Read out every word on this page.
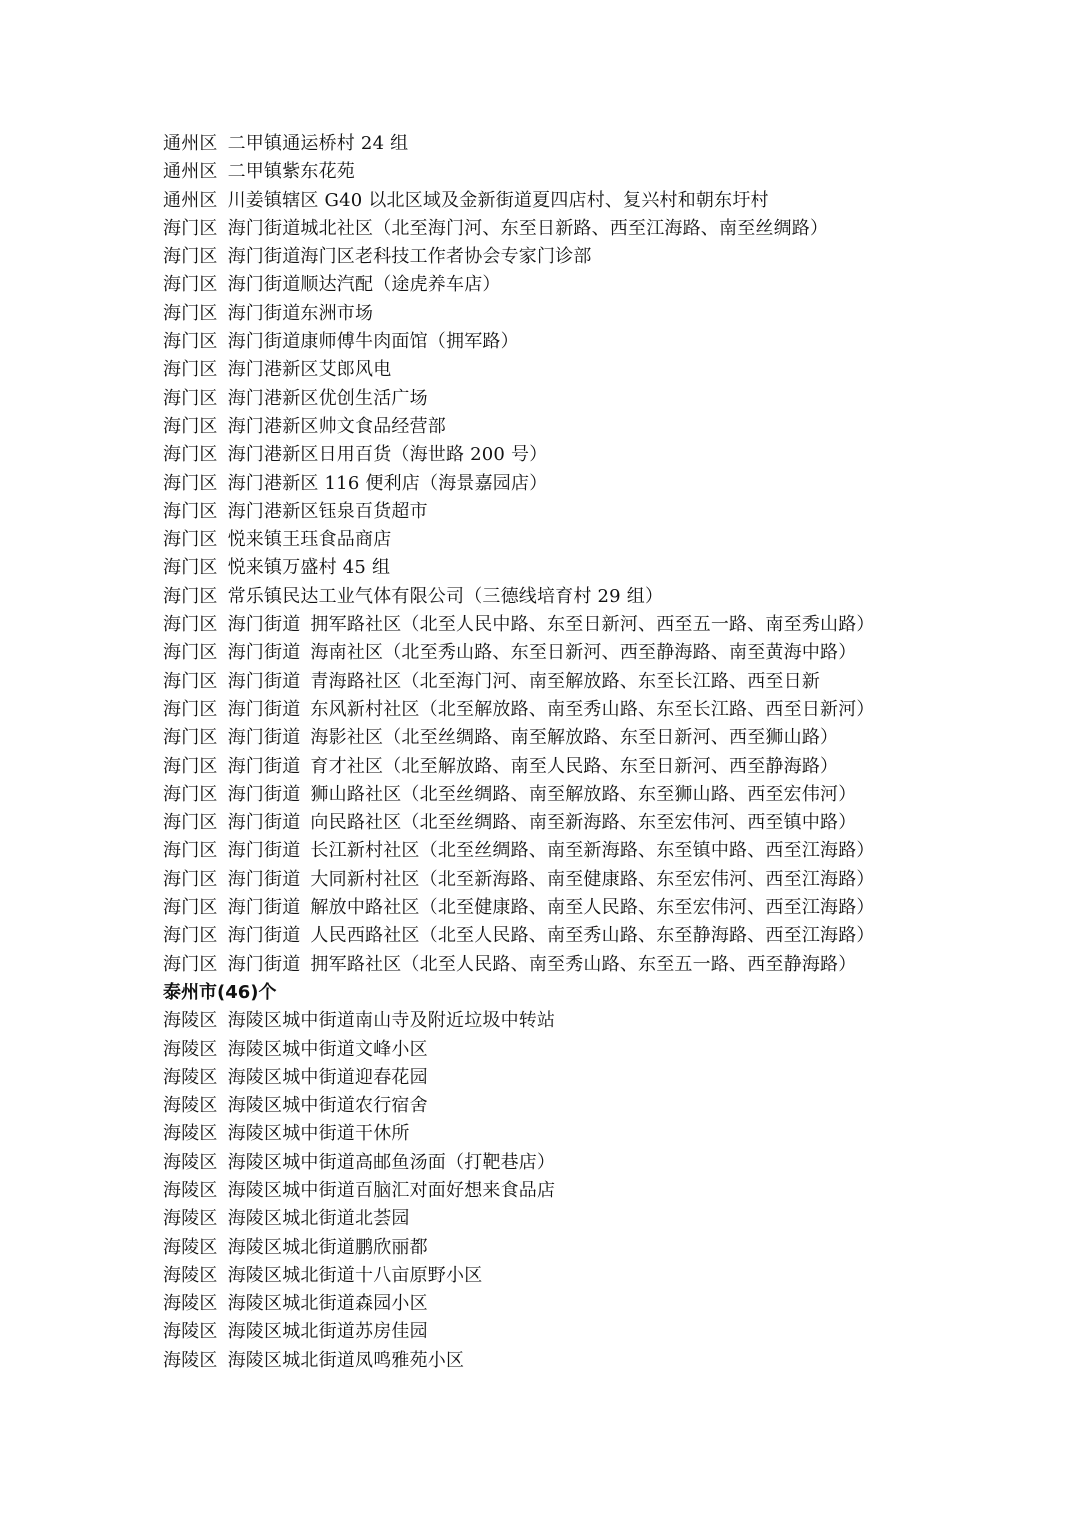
通州区 二甲镇通运桥村 24 组
通州区 二甲镇紫东花苑
通州区 川姜镇辖区 G40 以北区域及金新街道夏四店村、复兴村和朝东圩村
海门区 海门街道城北社区（北至海门河、东至日新路、西至江海路、南至丝绸路）
海门区 海门街道海门区老科技工作者协会专家门诊部
海门区 海门街道顺达汽配（途虎养车店）
海门区 海门街道东洲市场
海门区 海门街道康师傅牛肉面馆（拥军路）
海门区 海门港新区艾郎风电
海门区 海门港新区优创生活广场
海门区 海门港新区帅文食品经营部
海门区 海门港新区日用百货（海世路 200 号）
海门区 海门港新区 116 便利店（海景嘉园店）
海门区 海门港新区钰泉百货超市
海门区 悦来镇王珏食品商店
海门区 悦来镇万盛村 45 组
海门区 常乐镇民达工业气体有限公司（三德线培育村 29 组）
海门区 海门街道 拥军路社区（北至人民中路、东至日新河、西至五一路、南至秀山路）
海门区 海门街道 海南社区（北至秀山路、东至日新河、西至静海路、南至黄海中路）
海门区 海门街道 青海路社区（北至海门河、南至解放路、东至长江路、西至日新
海门区 海门街道 东风新村社区（北至解放路、南至秀山路、东至长江路、西至日新河）
海门区 海门街道 海影社区（北至丝绸路、南至解放路、东至日新河、西至狮山路）
海门区 海门街道 育才社区（北至解放路、南至人民路、东至日新河、西至静海路）
海门区 海门街道 狮山路社区（北至丝绸路、南至解放路、东至狮山路、西至宏伟河）
海门区 海门街道 向民路社区（北至丝绸路、南至新海路、东至宏伟河、西至镇中路）
海门区 海门街道 长江新村社区（北至丝绸路、南至新海路、东至镇中路、西至江海路）
海门区 海门街道 大同新村社区（北至新海路、南至健康路、东至宏伟河、西至江海路）
海门区 海门街道 解放中路社区（北至健康路、南至人民路、东至宏伟河、西至江海路）
海门区 海门街道 人民西路社区（北至人民路、南至秀山路、东至静海路、西至江海路）
海门区 海门街道 拥军路社区（北至人民路、南至秀山路、东至五一路、西至静海路）
泰州市(46)个
海陵区 海陵区城中街道南山寺及附近垃圾中转站
海陵区 海陵区城中街道文峰小区
海陵区 海陵区城中街道迎春花园
海陵区 海陵区城中街道农行宿舍
海陵区 海陵区城中街道干休所
海陵区 海陵区城中街道高邮鱼汤面（打靶巷店）
海陵区 海陵区城中街道百脑汇对面好想来食品店
海陵区 海陵区城北街道北荟园
海陵区 海陵区城北街道鹏欣丽都
海陵区 海陵区城北街道十八亩原野小区
海陵区 海陵区城北街道森园小区
海陵区 海陵区城北街道苏房佳园
海陵区 海陵区城北街道凤鸣雅苑小区
